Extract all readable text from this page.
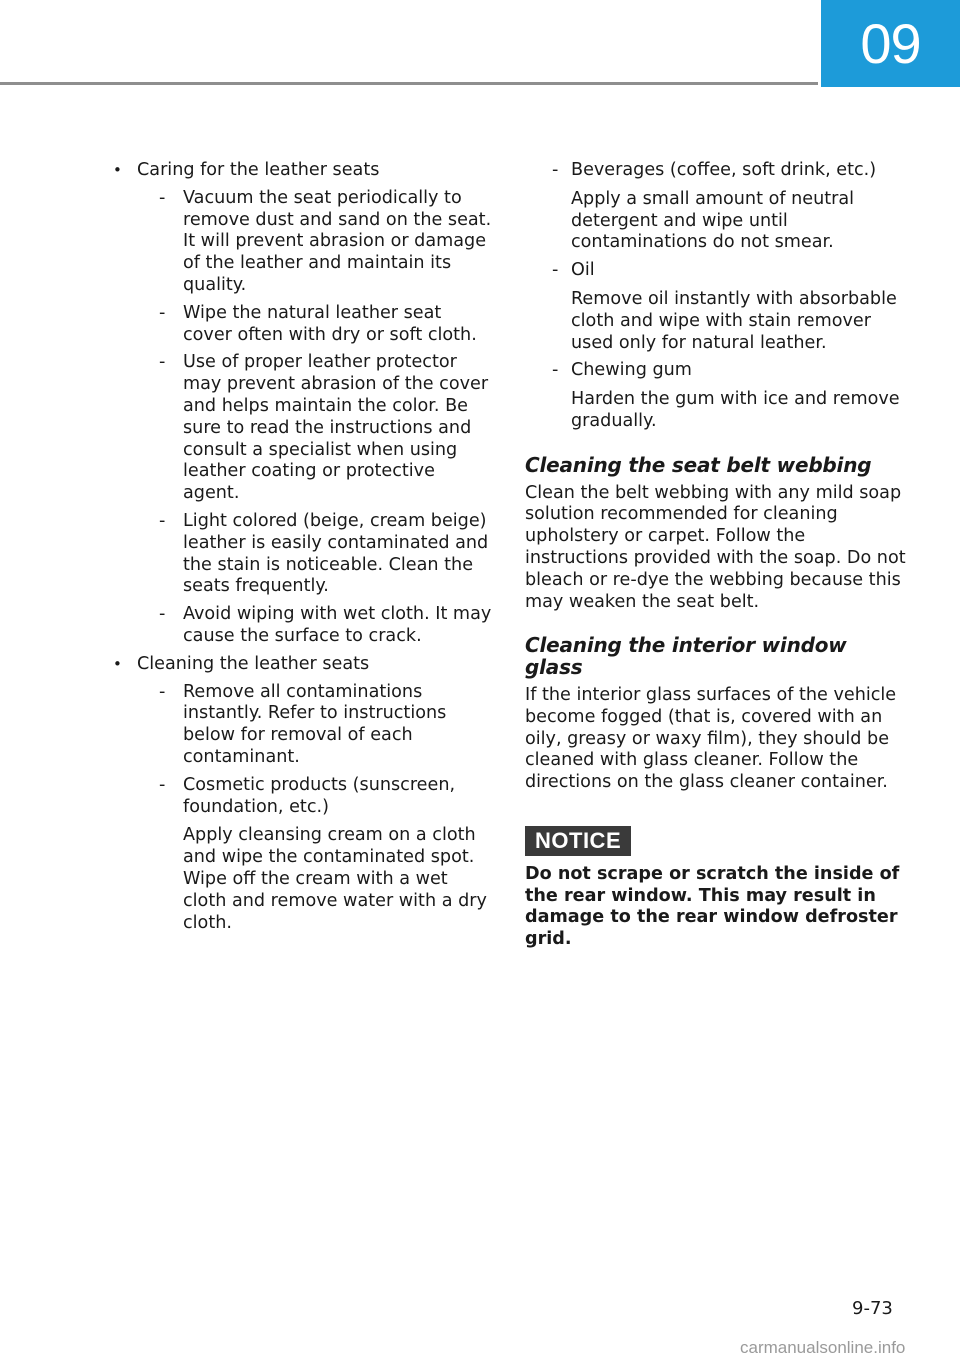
09
• Caring for the leather seats
- Vacuum the seat periodically to remove dust and sand on the seat. It will prevent abrasion or damage of the leather and maintain its quality.

- Wipe the natural leather seat cover often with dry or soft cloth.

- Use of proper leather protector may prevent abrasion of the cover and helps maintain the color. Be sure to read the instructions and consult a specialist when using leather coating or protective agent.

- Light colored (beige, cream beige) leather is easily contaminated and the stain is noticeable. Clean the seats frequently.

- Avoid wiping with wet cloth. It may cause the surface to crack.

• Cleaning the leather seats
- Remove all contaminations instantly. Refer to instructions below for removal of each contaminant.

- Cosmetic products (sunscreen, foundation, etc.)

Apply cleansing cream on a cloth and wipe the contaminated spot. Wipe off the cream with a wet cloth and remove water with a dry cloth.

- Beverages (coffee, soft drink, etc.)

Apply a small amount of neutral detergent and wipe until contaminations do not smear.

- Oil

Remove oil instantly with absorbable cloth and wipe with stain remover used only for natural leather.

- Chewing gum

Harden the gum with ice and remove gradually.

Cleaning the seat belt webbing

Clean the belt webbing with any mild soap solution recommended for cleaning upholstery or carpet. Follow the instructions provided with the soap. Do not bleach or re-dye the webbing because this may weaken the seat belt.

Cleaning the interior window glass

If the interior glass surfaces of the vehicle become fogged (that is, covered with an oily, greasy or waxy film), they should be cleaned with glass cleaner. Follow the directions on the glass cleaner container.

NOTICE

Do not scrape or scratch the inside of the rear window. This may result in damage to the rear window defroster grid.

9-73
carmanualsonline.info
